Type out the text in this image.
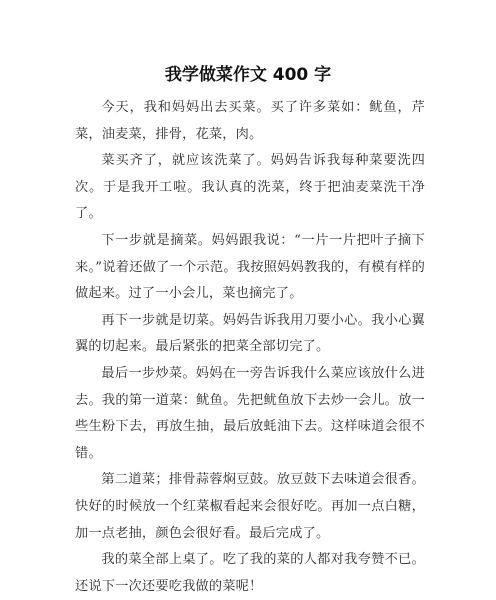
我学做菜作文 400 字

今天，我和妈妈出去买菜。买了许多菜如：鱿鱼，芹菜，油麦菜，排骨，花菜，肉。

菜买齐了，就应该洗菜了。妈妈告诉我每种菜要洗四次。于是我开工啦。我认真的洗菜，终于把油麦菜洗干净了。

下一步就是摘菜。妈妈跟我说：“一片一片把叶子摘下来。”说着还做了一个示范。我按照妈妈教我的，有模有样的做起来。过了一小会儿，菜也摘完了。

再下一步就是切菜。妈妈告诉我用刀要小心。我小心翼翼的切起来。最后紧张的把菜全部切完了。

最后一步炒菜。妈妈在一旁告诉我什么菜应该放什么进去。我的第一道菜：鱿鱼。先把鱿鱼放下去炒一会儿。放一些生粉下去，再放生抽，最后放蚝油下去。这样味道会很不错。

第二道菜；排骨蒜蓉焖豆鼓。放豆鼓下去味道会很香。快好的时候放一个红菜椒看起来会很好吃。再加一点白糖，加一点老抽，颜色会很好看。最后完成了。

我的菜全部上桌了。吃了我的菜的人都对我夸赞不已。还说下一次还要吃我做的菜呢！
